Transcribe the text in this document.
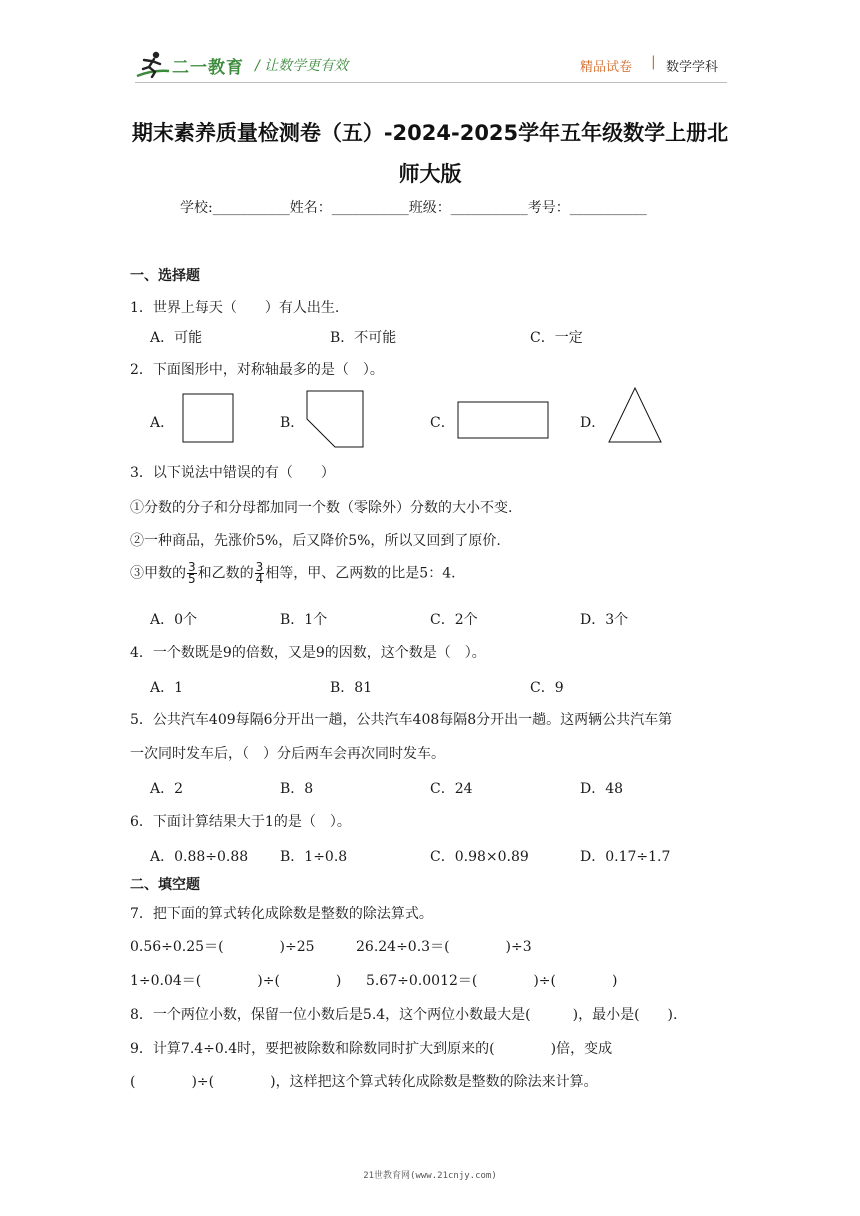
二一教育 / 让数学更有效	精品试卷 | 数学学科
期末素养质量检测卷（五）-2024-2025学年五年级数学上册北
师大版
学校:___________姓名：___________班级：___________考号：___________
一、选择题
1．世界上每天（　　）有人出生.
A．可能	B．不可能	C．一定
2．下面图形中，对称轴最多的是（　）。
A．	B．	C．	D．
3．以下说法中错误的有（　　）
①分数的分子和分母都加同一个数（零除外）分数的大小不变.
②一种商品，先涨价5%，后又降价5%，所以又回到了原价.
③甲数的 $\frac{3}{5}$ 和乙数的 $\frac{3}{4}$ 相等，甲、乙两数的比是5：4.
A．0个	B．1个	C．2个	D．3个
4．一个数既是9的倍数，又是9的因数，这个数是（　）。
A．1	B．81	C．9
5．公共汽车409每隔6分开出一趟，公共汽车408每隔8分开出一趟。这两辆公共汽车第
一次同时发车后，（　）分后两车会再次同时发车。
A．2	B．8	C．24	D．48
6．下面计算结果大于1的是（　）。
A．0.88÷0.88 B．1÷0.8	C．0.98×0.89	D．0.17÷1.7
二、填空题
7．把下面的算式转化成除数是整数的除法算式。
0.56÷0.25＝(　　　　)÷25	26.24÷0.3＝(　　　　)÷3
1÷0.04＝(　　　　)÷(　　　　) 5.67÷0.0012＝(　　　　)÷(　　　　)
8．一个两位小数，保留一位小数后是5.4，这个两位小数最大是(　　　)，最小是(　　).
9．计算7.4÷0.4时，要把被除数和除数同时扩大到原来的(　　　　)倍，变成
(　　　　)÷(　　　　)，这样把这个算式转化成除数是整数的除法来计算。
21世教育网(www.21cnjy.com)
